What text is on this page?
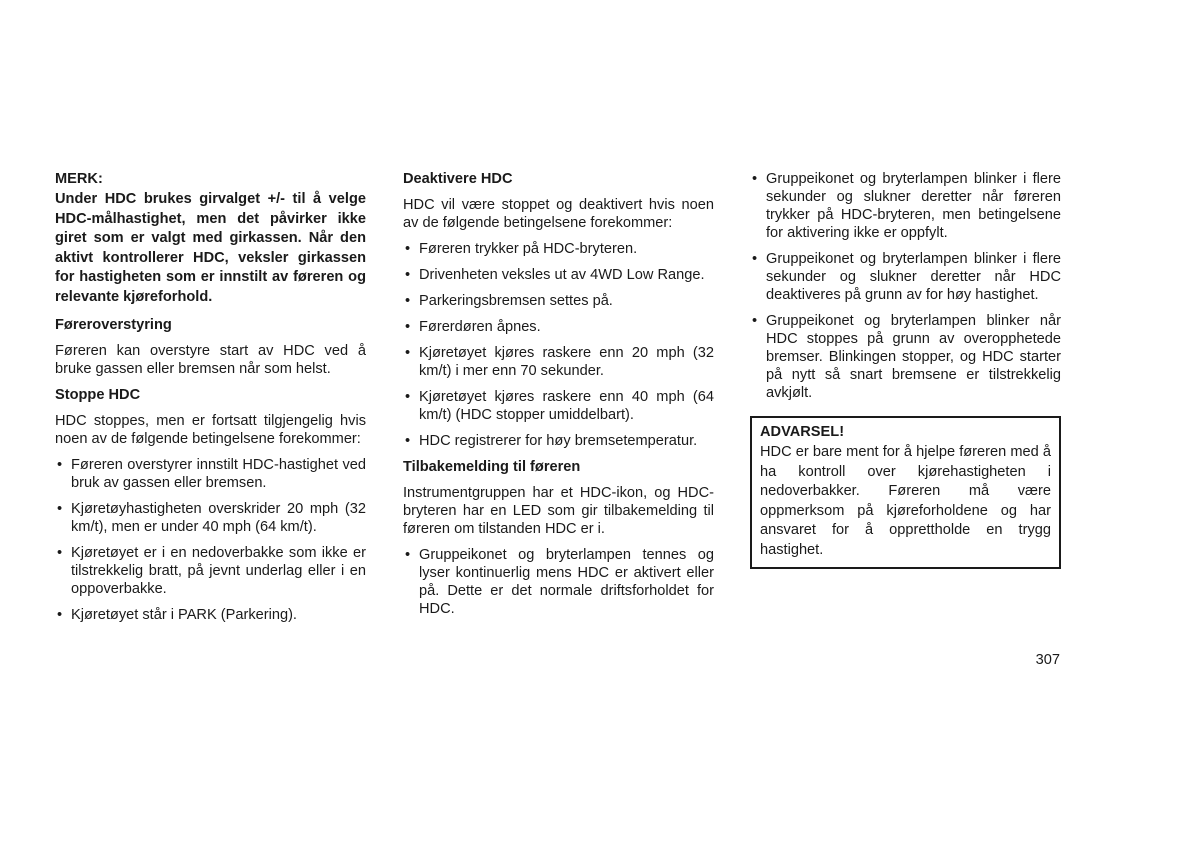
MERK:

Under HDC brukes girvalget +/- til å velge HDC-målhastighet, men det påvirker ikke giret som er valgt med girkassen. Når den aktivt kontrollerer HDC, veksler girkassen for hastigheten som er innstilt av føreren og relevante kjøreforhold.

Føreroverstyring

Føreren kan overstyre start av HDC ved å bruke gassen eller bremsen når som helst.

Stoppe HDC

HDC stoppes, men er fortsatt tilgjengelig hvis noen av de følgende betingelsene forekommer:

• Føreren overstyrer innstilt HDC-hastighet ved bruk av gassen eller bremsen.
• Kjøretøyhastigheten overskrider 20 mph (32 km/t), men er under 40 mph (64 km/t).
• Kjøretøyet er i en nedoverbakke som ikke er tilstrekkelig bratt, på jevnt underlag eller i en oppoverbakke.
• Kjøretøyet står i PARK (Parkering).
Deaktivere HDC

HDC vil være stoppet og deaktivert hvis noen av de følgende betingelsene forekommer:

• Føreren trykker på HDC-bryteren.
• Drivenheten veksles ut av 4WD Low Range.
• Parkeringsbremsen settes på.
• Førerdøren åpnes.
• Kjøretøyet kjøres raskere enn 20 mph (32 km/t) i mer enn 70 sekunder.
• Kjøretøyet kjøres raskere enn 40 mph (64 km/t) (HDC stopper umiddelbart).
• HDC registrerer for høy bremsetemperatur.
Tilbakemelding til føreren

Instrumentgruppen har et HDC-ikon, og HDC-bryteren har en LED som gir tilbakemelding til føreren om tilstanden HDC er i.

• Gruppeikonet og bryterlampen tennes og lyser kontinuerlig mens HDC er aktivert eller på. Dette er det normale driftsforholdet for HDC.
• Gruppeikonet og bryterlampen blinker i flere sekunder og slukner deretter når føreren trykker på HDC-bryteren, men betingelsene for aktivering ikke er oppfylt.
• Gruppeikonet og bryterlampen blinker i flere sekunder og slukner deretter når HDC deaktiveres på grunn av for høy hastighet.
• Gruppeikonet og bryterlampen blinker når HDC stoppes på grunn av overopphetede bremser. Blinkingen stopper, og HDC starter på nytt så snart bremsene er tilstrekkelig avkjølt.

ADVARSEL!

HDC er bare ment for å hjelpe føreren med å ha kontroll over kjørehastigheten i nedoverbakker. Føreren må være oppmerksom på kjøreforholdene og har ansvaret for å opprettholde en trygg hastighet.

307
